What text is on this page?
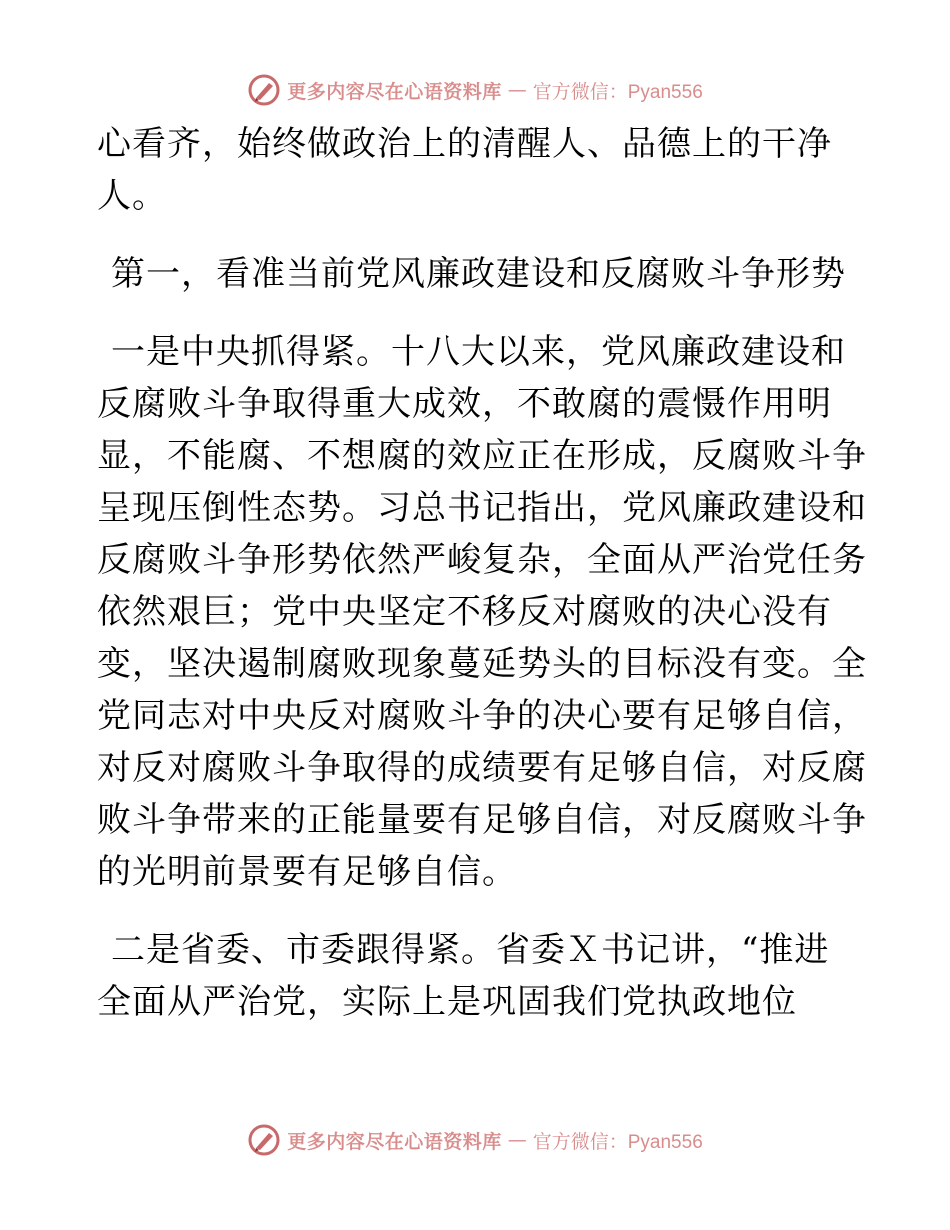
更多内容尽在心语资料库 — 官方微信：Pyan556
心看齐，始终做政治上的清醒人、品德上的干净
人。
第一，看准当前党风廉政建设和反腐败斗争形势
一是中央抓得紧。十八大以来，党风廉政建设和
反腐败斗争取得重大成效，不敢腐的震慑作用明
显，不能腐、不想腐的效应正在形成，反腐败斗争
呈现压倒性态势。习总书记指出，党风廉政建设和
反腐败斗争形势依然严峻复杂，全面从严治党任务
依然艰巨；党中央坚定不移反对腐败的决心没有
变，坚决遏制腐败现象蔓延势头的目标没有变。全
党同志对中央反对腐败斗争的决心要有足够自信，
对反对腐败斗争取得的成绩要有足够自信，对反腐
败斗争带来的正能量要有足够自信，对反腐败斗争
的光明前景要有足够自信。
二是省委、市委跟得紧。省委Ｘ书记讲，“推进
全面从严治党，实际上是巩固我们党执政地位
更多内容尽在心语资料库 — 官方微信：Pyan556
